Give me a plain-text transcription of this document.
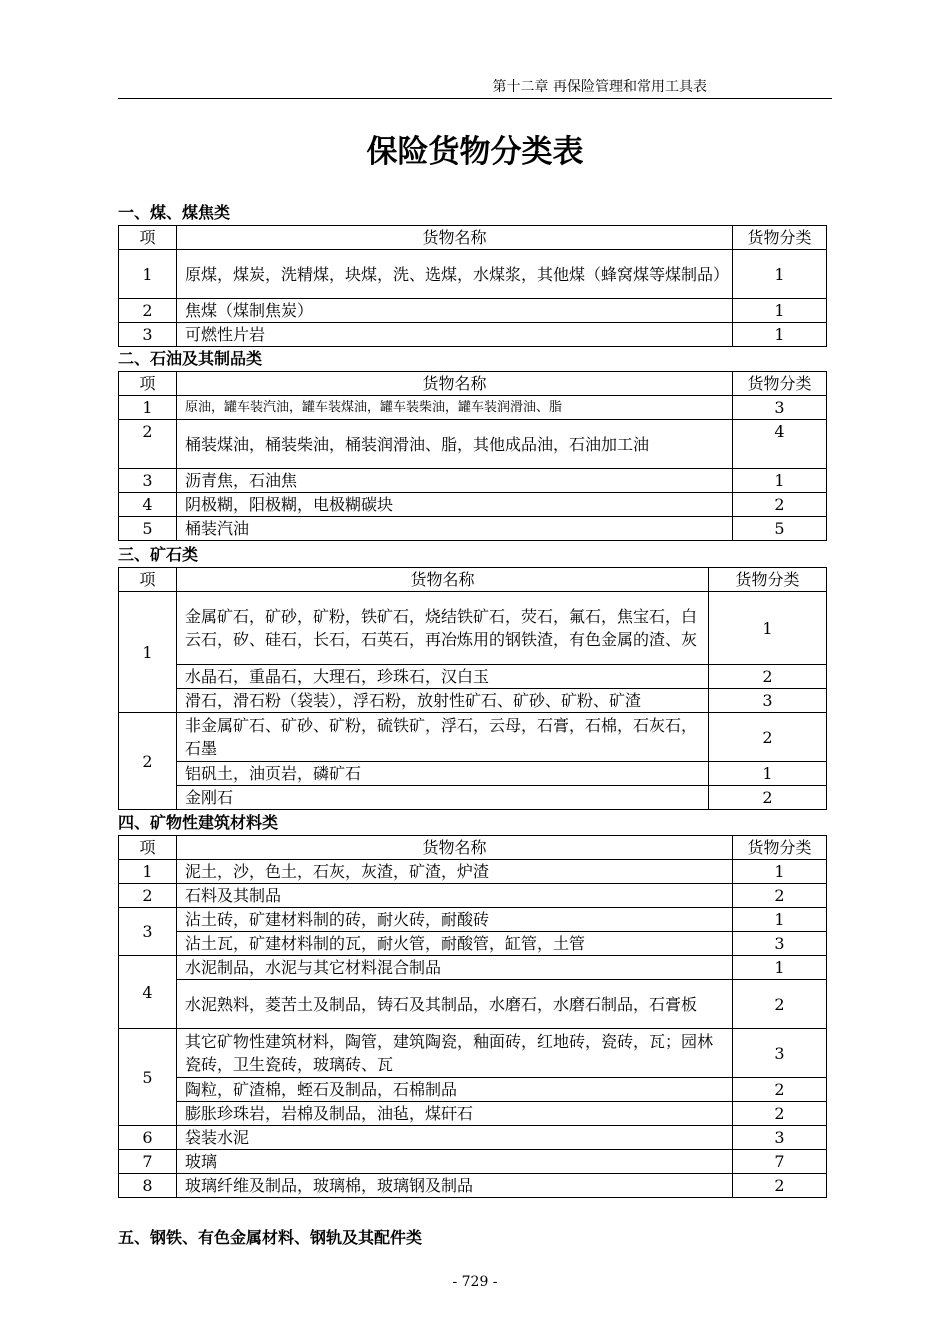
第十二章 再保险管理和常用工具表
保险货物分类表
一、煤、煤焦类
项	货物名称	货物分类
1	原煤，煤炭，洗精煤，块煤，洗、选煤，水煤浆，其他煤（蜂窝煤等煤制品）	1
2	焦煤（煤制焦炭）	1
3	可燃性片岩	1
二、石油及其制品类
项	货物名称	货物分类
1	原油，罐车装汽油，罐车装煤油，罐车装柴油，罐车装润滑油、脂	3
2	桶装煤油，桶装柴油，桶装润滑油、脂，其他成品油，石油加工油	4
3	沥青焦，石油焦	1
4	阴极糊，阳极糊，电极糊碳块	2
5	桶装汽油	5
三、矿石类
项	货物名称	货物分类
1	金属矿石，矿砂，矿粉，铁矿石，烧结铁矿石，荧石，氟石，焦宝石，白云石，矽、硅石，长石，石英石，再冶炼用的钢铁渣，有色金属的渣、灰	1
	水晶石，重晶石，大理石，珍珠石，汉白玉	2
	滑石，滑石粉（袋装），浮石粉，放射性矿石、矿砂、矿粉、矿渣	3
2	非金属矿石、矿砂、矿粉，硫铁矿，浮石，云母，石膏，石棉，石灰石，石墨	2
	铝矾土，油页岩，磷矿石	1
	金刚石	2
四、矿物性建筑材料类
项	货物名称	货物分类
1	泥土，沙，色土，石灰，灰渣，矿渣，炉渣	1
2	石料及其制品	2
3	沾土砖，矿建材料制的砖，耐火砖，耐酸砖	1
	沾土瓦，矿建材料制的瓦，耐火管，耐酸管，缸管，土管	3
4	水泥制品，水泥与其它材料混合制品	1
	水泥熟料，菱苦土及制品，铸石及其制品，水磨石，水磨石制品，石膏板	2
5	其它矿物性建筑材料，陶管，建筑陶瓷，釉面砖，红地砖，瓷砖，瓦；园林瓷砖，卫生瓷砖，玻璃砖、瓦	3
	陶粒，矿渣棉，蛭石及制品，石棉制品	2
	膨胀珍珠岩，岩棉及制品，油毡，煤矸石	2
6	袋装水泥	3
7	玻璃	7
8	玻璃纤维及制品，玻璃棉，玻璃钢及制品	2
五、钢铁、有色金属材料、钢轨及其配件类
- 729 -
